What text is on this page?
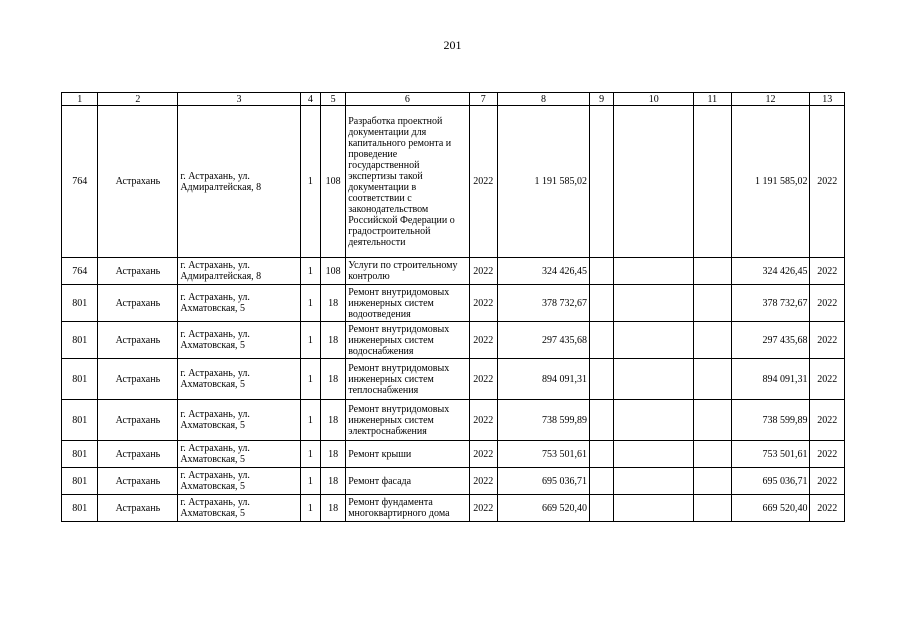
201
1	2	3	4	5	6	7	8	9	10	11	12	13
764	Астрахань	г. Астрахань, ул. Адмиралтейская, 8	1	108	Разработка проектной документации для капитального ремонта и проведение государственной экспертизы такой документации в соответствии с законодательством Российской Федерации о градостроительной деятельности	2022	1 191 585,02				1 191 585,02	2022
764	Астрахань	г. Астрахань, ул. Адмиралтейская, 8	1	108	Услуги по строительному контролю	2022	324 426,45				324 426,45	2022
801	Астрахань	г. Астрахань, ул. Ахматовская, 5	1	18	Ремонт внутридомовых инженерных систем водоотведения	2022	378 732,67				378 732,67	2022
801	Астрахань	г. Астрахань, ул. Ахматовская, 5	1	18	Ремонт внутридомовых инженерных систем водоснабжения	2022	297 435,68				297 435,68	2022
801	Астрахань	г. Астрахань, ул. Ахматовская, 5	1	18	Ремонт внутридомовых инженерных систем теплоснабжения	2022	894 091,31				894 091,31	2022
801	Астрахань	г. Астрахань, ул. Ахматовская, 5	1	18	Ремонт внутридомовых инженерных систем электроснабжения	2022	738 599,89				738 599,89	2022
801	Астрахань	г. Астрахань, ул. Ахматовская, 5	1	18	Ремонт крыши	2022	753 501,61				753 501,61	2022
801	Астрахань	г. Астрахань, ул. Ахматовская, 5	1	18	Ремонт фасада	2022	695 036,71				695 036,71	2022
801	Астрахань	г. Астрахань, ул. Ахматовская, 5	1	18	Ремонт фундамента многоквартирного дома	2022	669 520,40				669 520,40	2022
